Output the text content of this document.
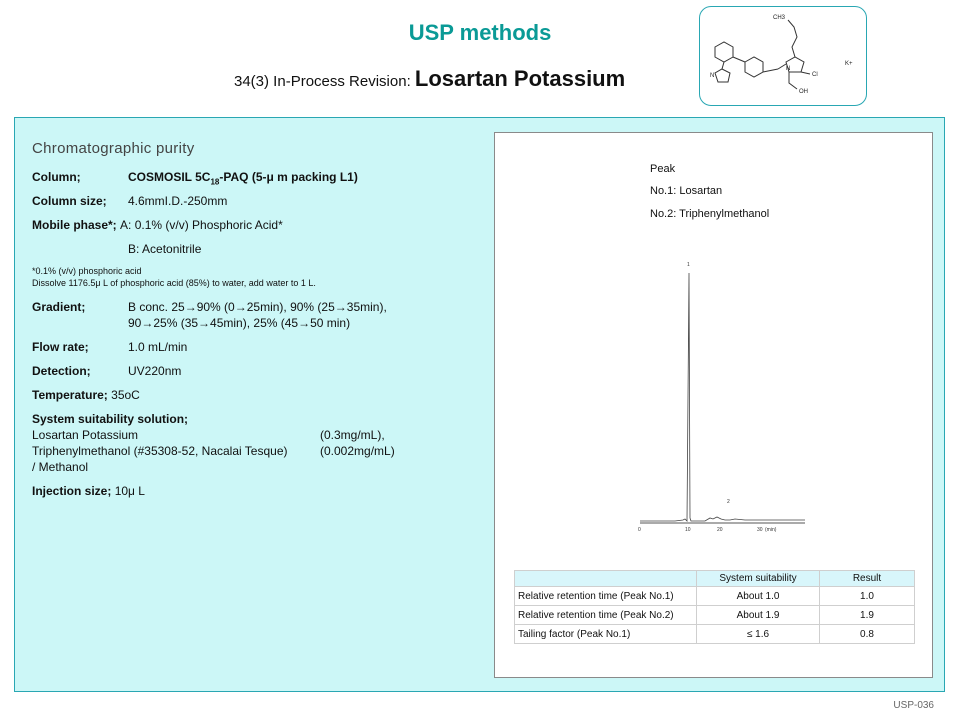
USP methods
34(3) In-Process Revision: Losartan Potassium
CH3
Cl
OH
K+
N
N
Chromatographic purity
Column;	COSMOSIL $5C_{18}$-PAQ (5-μ m packing L1)
Column size; 4.6mmI.D.-250mm
Mobile phase*; A: 0.1% (v/v) Phosphoric Acid*
B: Acetonitrile
*0.1% (v/v) phosphoric acid
Dissolve 1176.5μ L of phosphoric acid (85%) to water, add water to 1 L.
Gradient;	B conc. 25→90% (0→25min), 90% (25→35min),
90→25% (35→45min), 25% (45→50 min)
Flow rate;	1.0 mL/min
Detection;	UV220nm
Temperature; 35oC
System suitability solution;
Losartan Potassium	(0.3mg/mL),
Triphenylmethanol (#35308-52, Nacalai Tesque)	(0.002mg/mL)
/ Methanol
Injection size; 10μ L
Peak
No.1: Losartan
No.2: Triphenylmethanol
1
2
0	10	20	30 (min)
	System suitability	Result
Relative retention time (Peak No.1)	About 1.0	1.0
Relative retention time (Peak No.2)	About 1.9	1.9
Tailing factor (Peak No.1)	≤ 1.6	0.8
USP-036
